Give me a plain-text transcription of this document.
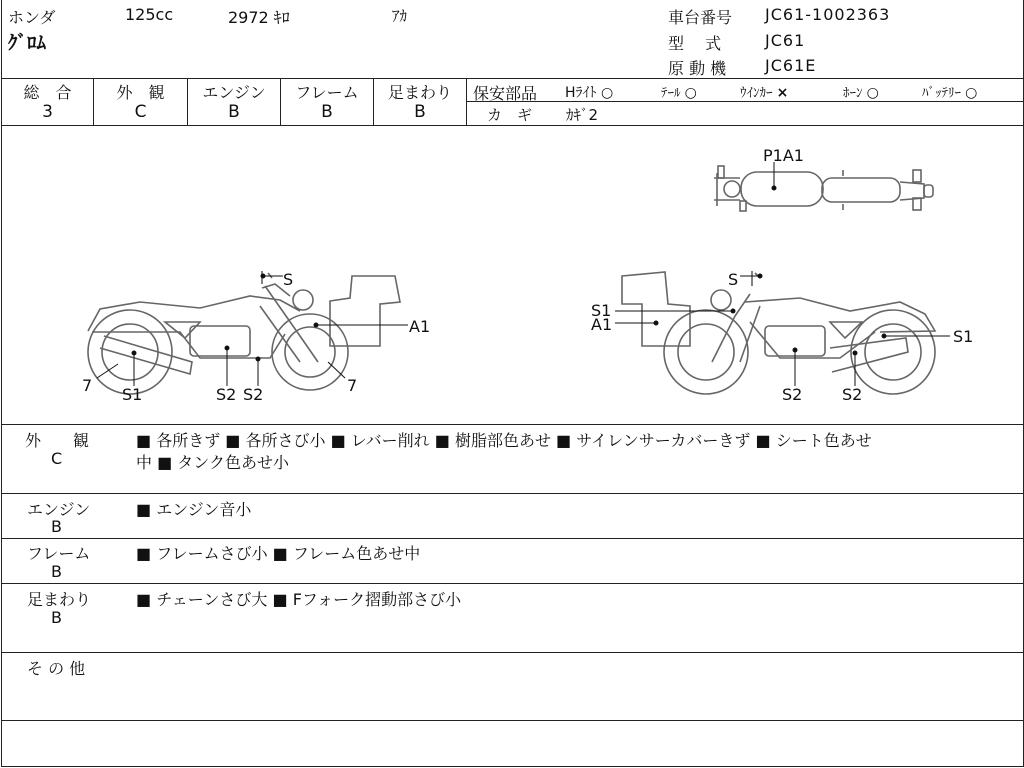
ホンダ	125cc	2972 ｷﾛ	ｱｶ
ｸﾞﾛﾑ
車台番号 JC61-1002363
型　 式	JC61
原 動 機 JC61E
総　合
3
外　観
C
エンジン
B
フレーム
B
足まわり
B
保安部品 Hﾗｲﾄ ○	ﾃｰﾙ ○	ｳｲﾝｶｰ ×	ﾎｰﾝ ○	ﾊﾞｯﾃﾘｰ ○
カ　ギ ｶｷﾞ2
P1A1
S
A1
S1	S2 S2
7	7
S
S1
A1
S1
S2 S2
外　　観
C
■ 各所きず ■ 各所さび小 ■ レバー削れ ■ 樹脂部色あせ ■ サイレンサーカバーきず ■ シート色あせ
中 ■ タンク色あせ小
エンジン
B
■ エンジン音小
フレーム
B
■ フレームさび小 ■ フレーム色あせ中
足まわり
B
■ チェーンさび大 ■ Fフォーク摺動部さび小
そ の 他
